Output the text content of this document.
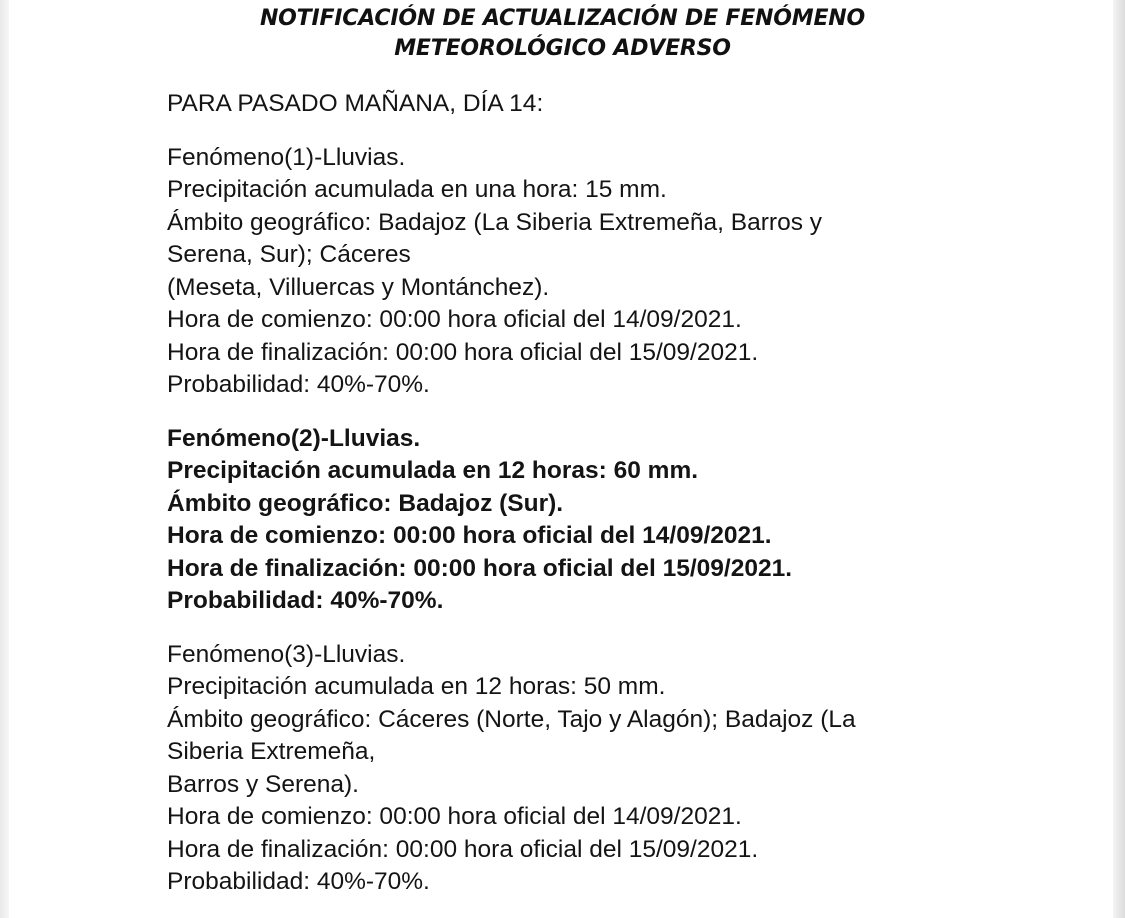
NOTIFICACIÓN DE ACTUALIZACIÓN DE FENÓMENO
METEOROLÓGICO ADVERSO
PARA PASADO MAÑANA, DÍA 14:
Fenómeno(1)-Lluvias.
Precipitación acumulada en una hora: 15 mm.
Ámbito geográfico: Badajoz (La Siberia Extremeña, Barros y
Serena, Sur); Cáceres
(Meseta, Villuercas y Montánchez).
Hora de comienzo: 00:00 hora oficial del 14/09/2021.
Hora de finalización: 00:00 hora oficial del 15/09/2021.
Probabilidad: 40%-70%.
Fenómeno(2)-Lluvias.
Precipitación acumulada en 12 horas: 60 mm.
Ámbito geográfico: Badajoz (Sur).
Hora de comienzo: 00:00 hora oficial del 14/09/2021.
Hora de finalización: 00:00 hora oficial del 15/09/2021.
Probabilidad: 40%-70%.
Fenómeno(3)-Lluvias.
Precipitación acumulada en 12 horas: 50 mm.
Ámbito geográfico: Cáceres (Norte, Tajo y Alagón); Badajoz (La
Siberia Extremeña,
Barros y Serena).
Hora de comienzo: 00:00 hora oficial del 14/09/2021.
Hora de finalización: 00:00 hora oficial del 15/09/2021.
Probabilidad: 40%-70%.
